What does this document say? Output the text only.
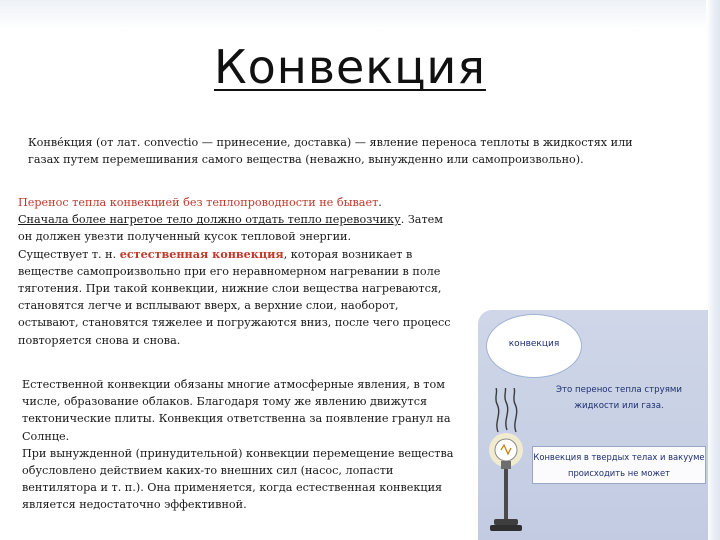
Конвекция

Конве́кция (от лат. convectio — принесение, доставка) — явление переноса теплоты в жидкостях или газах путем перемешивания самого вещества (неважно, вынужденно или самопроизвольно).

Перенос тепла конвекцией без теплопроводности не бывает.
Сначала более нагретое тело должно отдать тепло перевозчику. Затем он должен увезти полученный кусок тепловой энергии.
Существует т. н. естественная конвекция, которая возникает в веществе самопроизвольно при его неравномерном нагревании в поле тяготения. При такой конвекции, нижние слои вещества нагреваются, становятся легче и всплывают вверх, а верхние слои, наоборот, остывают, становятся тяжелее и погружаются вниз, после чего процесс повторяется снова и снова.

Естественной конвекции обязаны многие атмосферные явления, в том числе, образование облаков. Благодаря тому же явлению движутся тектонические плиты. Конвекция ответственна за появление гранул на Солнце.
При вынужденной (принудительной) конвекции перемещение вещества обусловлено действием каких-то внешних сил (насос, лопасти вентилятора и т. п.). Она применяется, когда естественная конвекция является недостаточно эффективной.

конвекция
Это перенос тепла струями жидкости или газа.
Конвекция в твердых телах и вакууме происходить не может
